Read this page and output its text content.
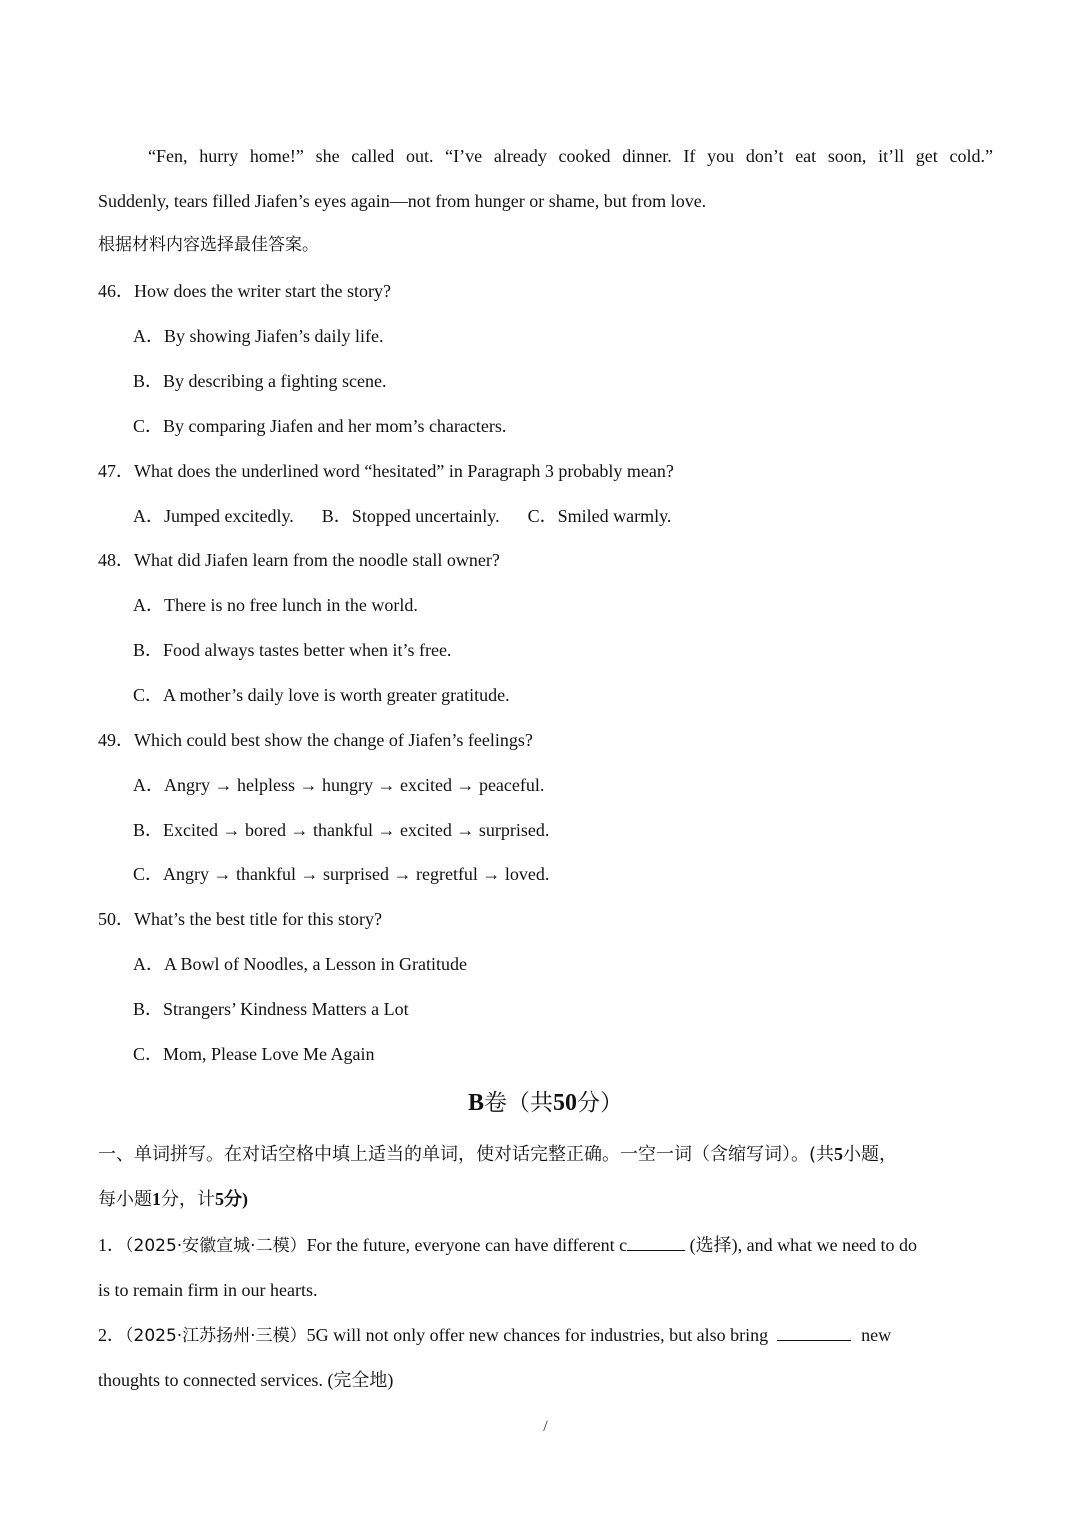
“Fen, hurry home!” she called out. “I’ve already cooked dinner. If you don’t eat soon, it’ll get cold.”
Suddenly, tears filled Jiafen’s eyes again—not from hunger or shame, but from love.
根据材料内容选择最佳答案。
46．How does the writer start the story?
A．By showing Jiafen’s daily life.
B．By describing a fighting scene.
C．By comparing Jiafen and her mom’s characters.
47．What does the underlined word “hesitated” in Paragraph 3 probably mean?
A．Jumped excitedly. B．Stopped uncertainly. C．Smiled warmly.
48．What did Jiafen learn from the noodle stall owner?
A．There is no free lunch in the world.
B．Food always tastes better when it’s free.
C．A mother’s daily love is worth greater gratitude.
49．Which could best show the change of Jiafen’s feelings?
A．Angry → helpless → hungry → excited → peaceful.
B．Excited → bored → thankful → excited → surprised.
C．Angry → thankful → surprised → regretful → loved.
50．What’s the best title for this story?
A．A Bowl of Noodles, a Lesson in Gratitude
B．Strangers’ Kindness Matters a Lot
C．Mom, Please Love Me Again
B卷（共50分）
一、单词拼写。在对话空格中填上适当的单词，使对话完整正确。一空一词（含缩写词）。(共5小题，
每小题1分，计5分)
1．（2025·安徽宣城·二模）For the future, everyone can have different c	(选择), and what we need to do
is to remain firm in our hearts.
2．（2025·江苏扬州·三模）5G will not only offer new chances for industries, but also bring	new
thoughts to connected services. (完全地)
/
